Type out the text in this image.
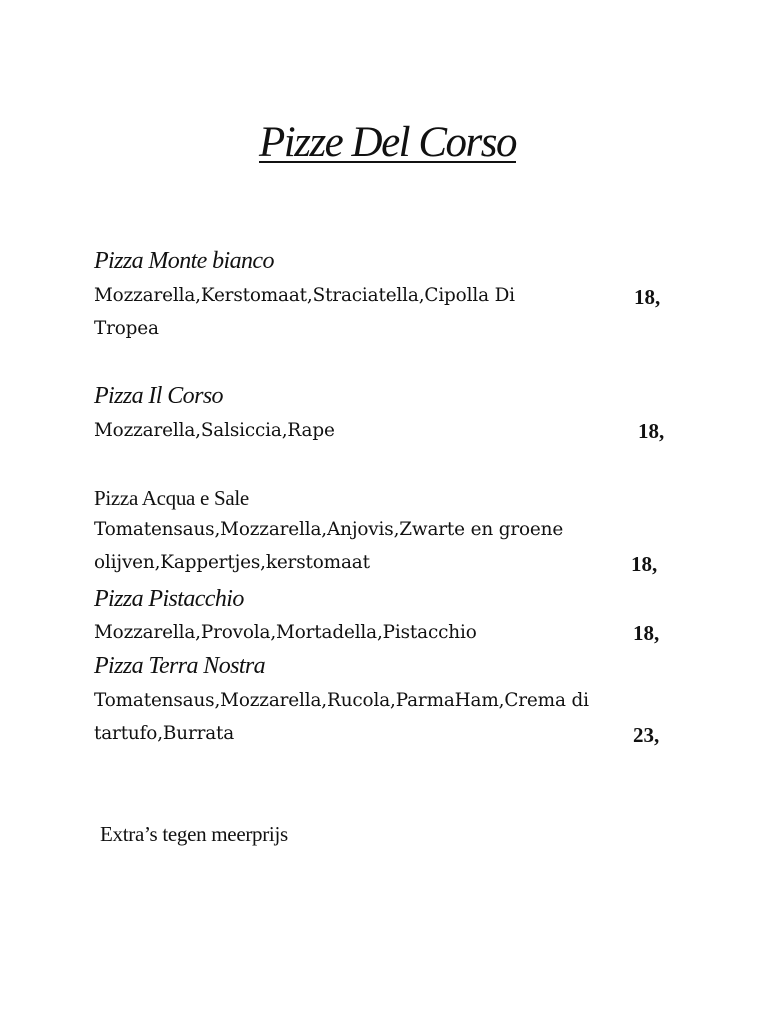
Pizze Del Corso
Pizza Monte bianco
Mozzarella,Kerstomaat,Straciatella,Cipolla Di	18,
Tropea
Pizza Il Corso
Mozzarella,Salsiccia,Rape	18,
Pizza Acqua e Sale
Tomatensaus,Mozzarella,Anjovis,Zwarte en groene
olijven,Kappertjes,kerstomaat	18,
Pizza Pistacchio
Mozzarella,Provola,Mortadella,Pistacchio	18,
Pizza Terra Nostra
Tomatensaus,Mozzarella,Rucola,ParmaHam,Crema di
tartufo,Burrata	23,
Extra’s tegen meerprijs
